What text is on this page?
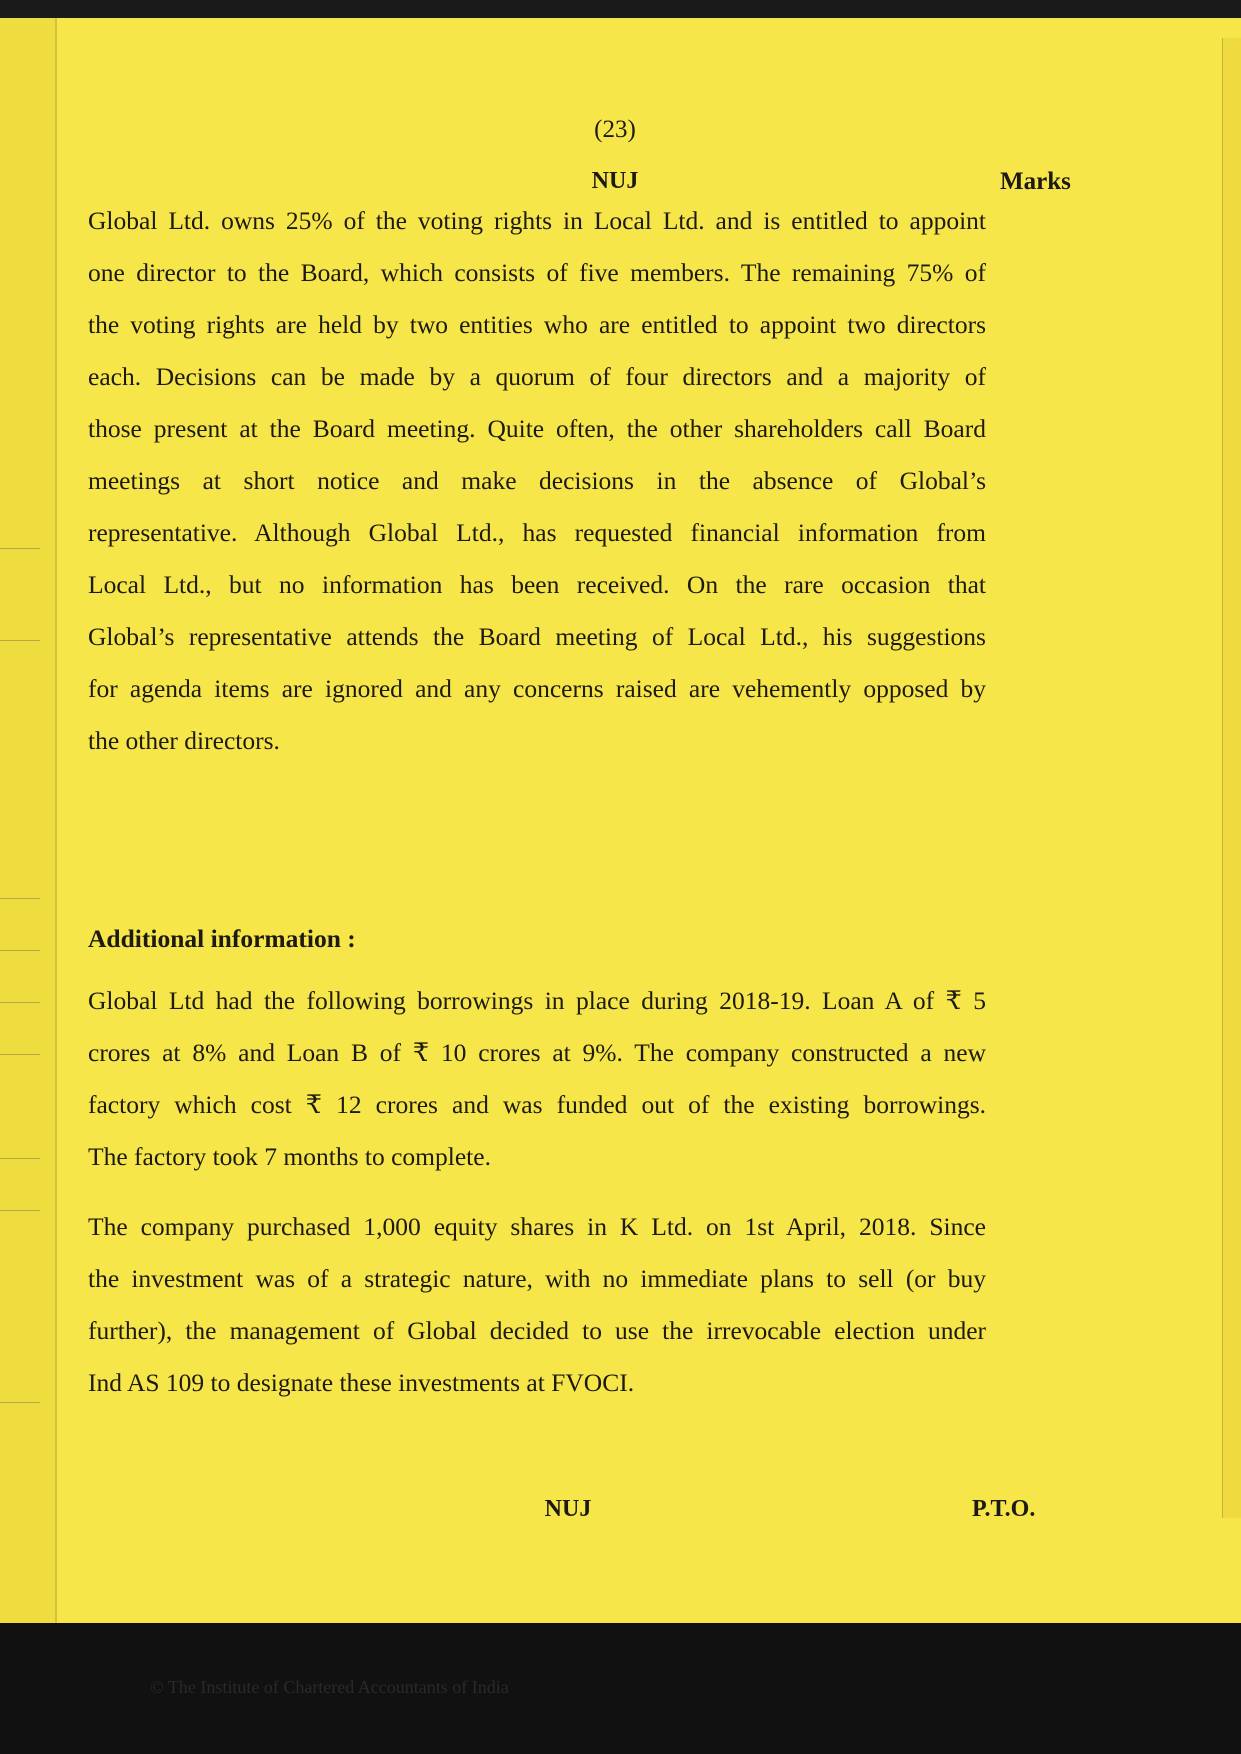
(23)
NUJ	Marks
Global Ltd. owns 25% of the voting rights in Local Ltd. and is entitled to appoint
one director to the Board, which consists of five members. The remaining 75% of
the voting rights are held by two entities who are entitled to appoint two directors
each. Decisions can be made by a quorum of four directors and a majority of
those present at the Board meeting. Quite often, the other shareholders call Board
meetings at short notice and make decisions in the absence of Global’s
representative. Although Global Ltd., has requested financial information from
Local Ltd., but no information has been received. On the rare occasion that
Global’s representative attends the Board meeting of Local Ltd., his suggestions
for agenda items are ignored and any concerns raised are vehemently opposed by
the other directors.
Additional information :
Global Ltd had the following borrowings in place during 2018-19. Loan A of ₹ 5
crores at 8% and Loan B of ₹ 10 crores at 9%. The company constructed a new
factory which cost ₹ 12 crores and was funded out of the existing borrowings.
The factory took 7 months to complete.
The company purchased 1,000 equity shares in K Ltd. on 1st April, 2018. Since
the investment was of a strategic nature, with no immediate plans to sell (or buy
further), the management of Global decided to use the irrevocable election under
Ind AS 109 to designate these investments at FVOCI.
NUJ	P.T.O.
© The Institute of Chartered Accountants of India
